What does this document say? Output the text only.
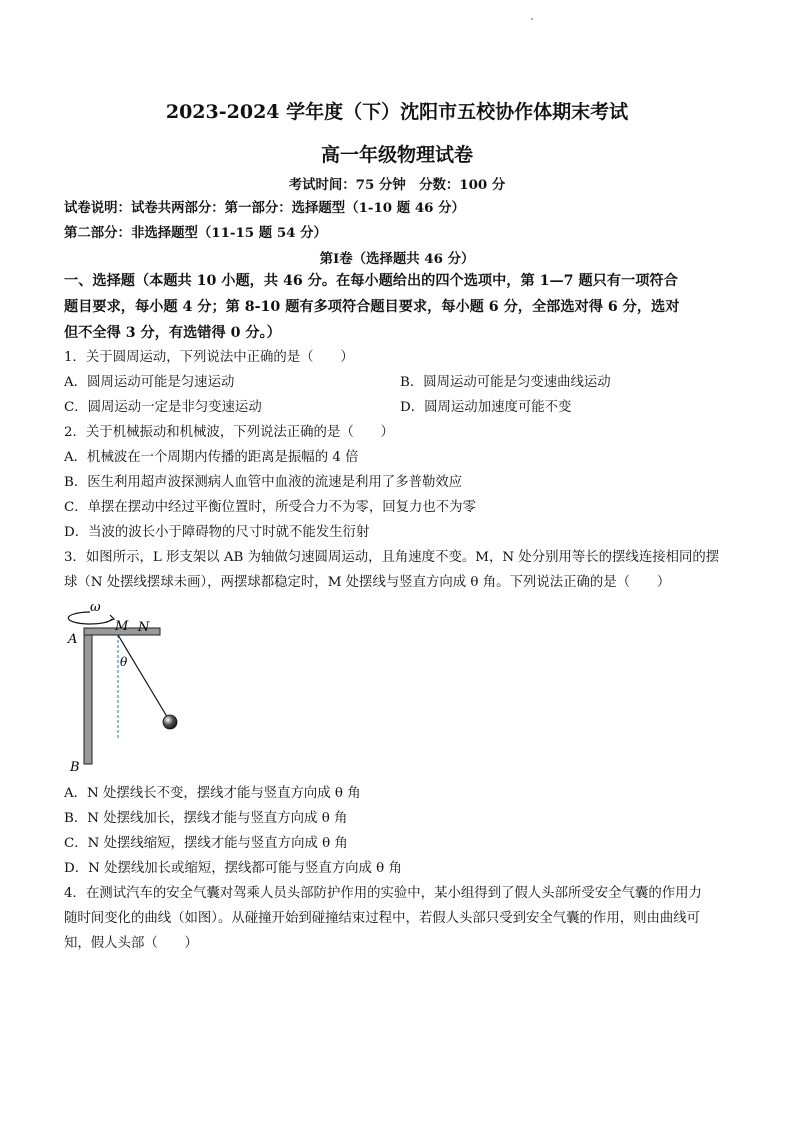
2023-2024 学年度（下）沈阳市五校协作体期末考试
高一年级物理试卷
考试时间：75 分钟　分数：100 分
试卷说明：试卷共两部分：第一部分：选择题型（1-10 题 46 分）
第二部分：非选择题型（11-15 题 54 分）
第Ⅰ卷（选择题共 46 分）
一、选择题（本题共 10 小题，共 46 分。在每小题给出的四个选项中，第 1—7 题只有一项符合
题目要求，每小题 4 分；第 8-10 题有多项符合题目要求，每小题 6 分，全部选对得 6 分，选对
但不全得 3 分，有选错得 0 分。）
1．关于圆周运动，下列说法中正确的是（　　）
A．圆周运动可能是匀速运动	B．圆周运动可能是匀变速曲线运动
C．圆周运动一定是非匀变速运动	D．圆周运动加速度可能不变
2．关于机械振动和机械波，下列说法正确的是（　　）
A．机械波在一个周期内传播的距离是振幅的 4 倍
B．医生利用超声波探测病人血管中血液的流速是利用了多普勒效应
C．单摆在摆动中经过平衡位置时，所受合力不为零，回复力也不为零
D．当波的波长小于障碍物的尺寸时就不能发生衍射
3．如图所示，L 形支架以 AB 为轴做匀速圆周运动，且角速度不变。M，N 处分别用等长的摆线连接相同的摆
球（N 处摆线摆球未画），两摆球都稳定时，M 处摆线与竖直方向成 θ 角。下列说法正确的是（　　）
ω
A
M N
θ
B
A．N 处摆线长不变，摆线才能与竖直方向成 θ 角
B．N 处摆线加长，摆线才能与竖直方向成 θ 角
C．N 处摆线缩短，摆线才能与竖直方向成 θ 角
D．N 处摆线加长或缩短，摆线都可能与竖直方向成 θ 角
4．在测试汽车的安全气囊对驾乘人员头部防护作用的实验中，某小组得到了假人头部所受安全气囊的作用力
随时间变化的曲线（如图）。从碰撞开始到碰撞结束过程中，若假人头部只受到安全气囊的作用，则由曲线可
知，假人头部（　　）
